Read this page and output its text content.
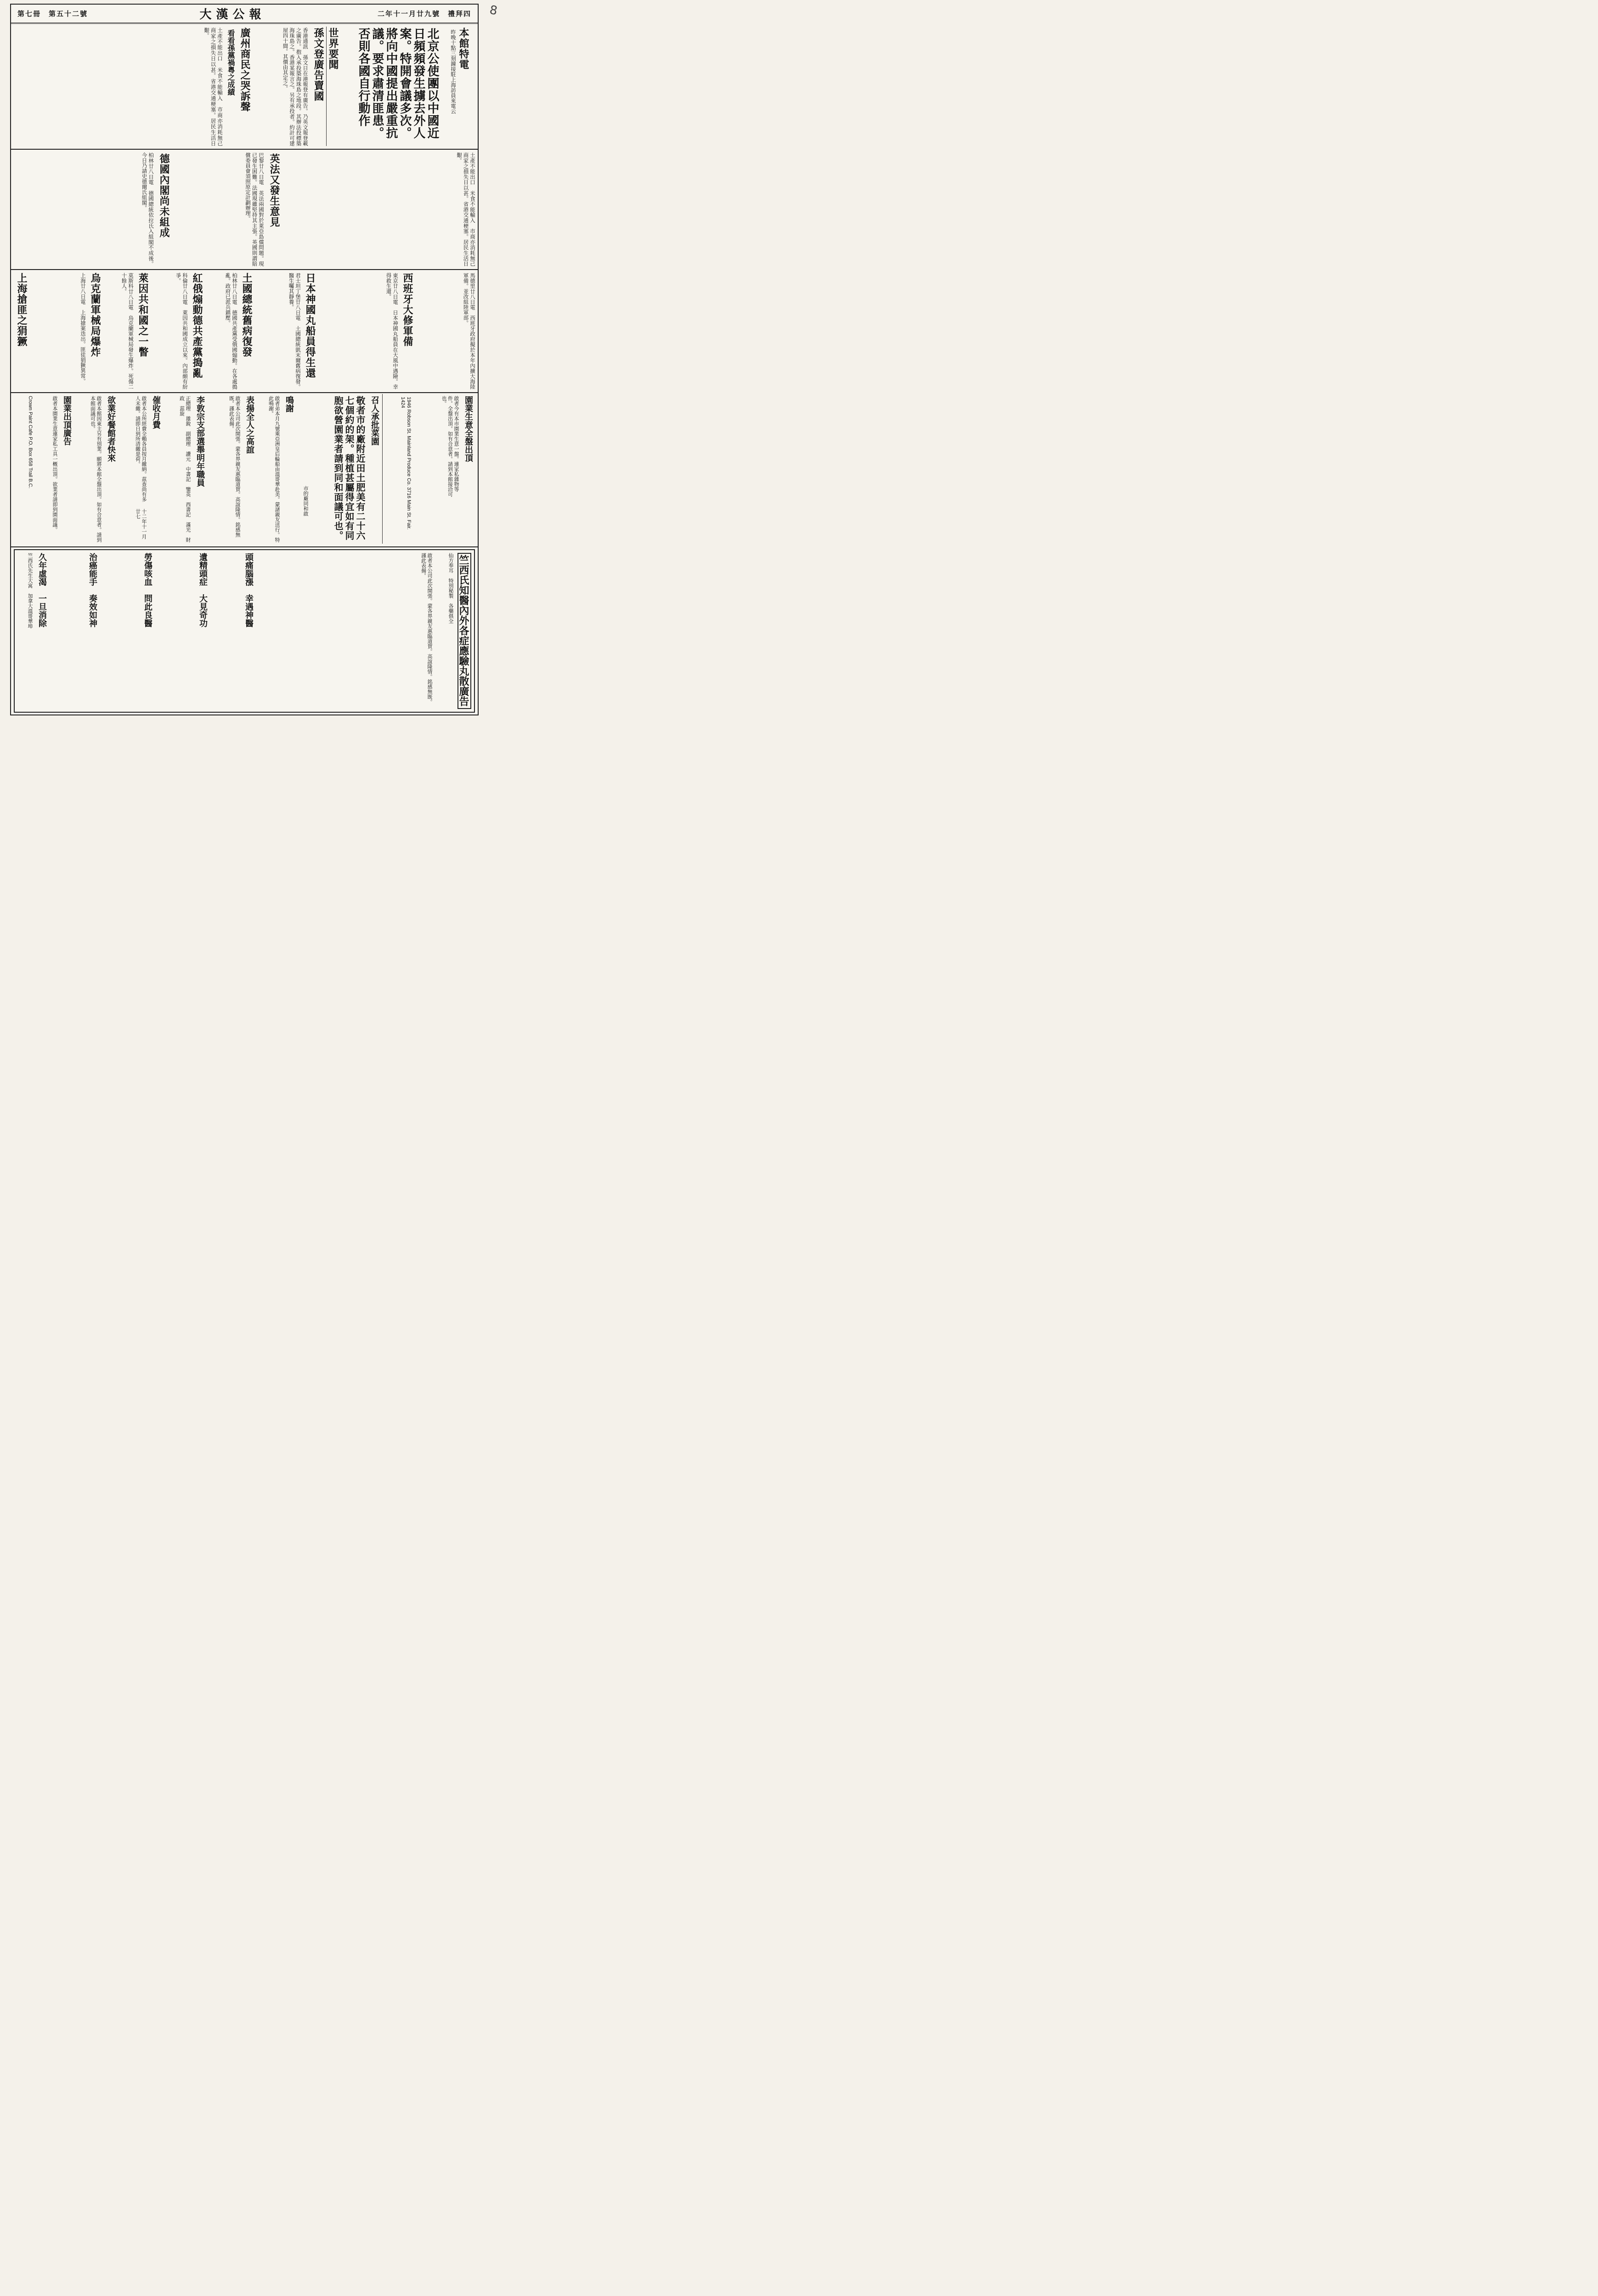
8
第七冊　第五十二號	大漢公報	二年十一月廿九號　禮拜四
本館特電
昨晚十點三刻鐘接駐上海訪員來電云
北京公使團以中國近日頻頻發生擄去外人案。特開會議多次。將向中國提出嚴重抗議。要求肅清匪患。否則各國自行動作
世界要聞
孫文登廣告賣國
香港通訊　孫文日在港報登有廣告。乃英文報登載之廣告。抱入承投築海珠島之地段。其辦法投標築海珠島之。香港某報言之。另有承投者。約計可建屋四十間。其價由其定之。
廣州商民之哭訴聲
看看孫黨禍粵之成績
土產不能出口　米食不能輸入　市商亦消耗無己　商家之損失日以甚。省港交通梗塞。居民生活日艱。
土產不能出口　米食不能輸入　市商亦消耗無己　商家之損失日以甚。省港交通梗塞。居民生活日艱。
英法又發生意見
巴黎廿八日電　英法兩國對於萊亞島償問題。現已發生困難。法國現雖堅持其主張。英國則謂賠償委員會須照原定計劃辦理。
德國內閣尚未組成
柏林廿八日電　德國總統依拉氏入組閣不成後。今日乃請史德爾氏組閣。
西班牙大修軍備	馬德里廿八日電　西班牙政府擬於本年內擴大海陸軍備。並改組陸軍部。
日本神國丸船員得生還	東京廿八日電　日本神國丸船員在大風中遇險。幸得救生還。
土國總統舊病復發	君士坦丁堡廿八日電　土國總統凱末爾舊病復發。醫生囑其靜養。
紅俄煽動德共產黨搗亂	柏林廿八日電　德國共產黨受俄國煽動。在各處搗亂。政府已派兵鎮壓。
萊因共和國之一瞥	科倫廿八日電　萊因共和國成立以來。內部頗有紛爭。
烏克蘭軍械局爆炸	莫斯科廿八日電　烏克蘭軍械局發生爆炸。死傷二十餘人。
上海搶匪之狷獗	上海廿八日電　上海搶案迭出。匪徒狷獗異常。
園業生意全盤出頂
啟者今有本市園業生意一盤。連家私雜物等件。全盤出頂。如有合意者。請到本館接洽可也。
1946 Robson St. Mainland Produce Co. 3716 Main St. Fair. 1424
召人承批菜園
敬者市的廠附近田土肥美有二十六七個約的架。種植甚屬得宜如有同胞欲營園業者請到同和面議可也。
市的廠同和啟
鳴謝
啟者弟本月九號乘亞洲皇后輪船由溫哥華赴美。蒙諸親友送行。特此鳴謝。
表揚全人之高誼
啟者本公司此次開張。蒙各界親友惠臨道賀。高誼隆情。銘感無既。謹此表揚。
李敦宗支部選舉明年職員
正總理　雄銳　副總理　讚元　中書記　鑒英　西書記　滿光　財政　蕊旋
催收月費
啟者本公所經費全賴各員按月繳納。茲查尚有多人未繳。請即日到所清繳是荷。
十二年十一月廿七
欲業好餐館者快來
啟者本館因東主另有別業。願將本館全盤出頂。如有合意者。請到本館面議可也。
園業出頂廣告
啟者本園業生意連家私工具一概出頂。欲業者請即到園面議。
Crown Paint Cafe P.O. Box 658 Trail B.C.
竺西氏知醫內外各症應驗丸散廣告
仙方奉耳　特別秘製　各藥俱全
啟者本公司此次開張。蒙各界親友惠臨道賀。高誼隆情。銘感無既。謹此表揚。
頭痛腦漲　幸遇神醫
遺精頭症　大見奇功
勞傷咳血　問此良醫
治癌能手　奏效如神
久年虛渴　一旦消除
竺西氏先生大寓　加拿大溫哥華埠
